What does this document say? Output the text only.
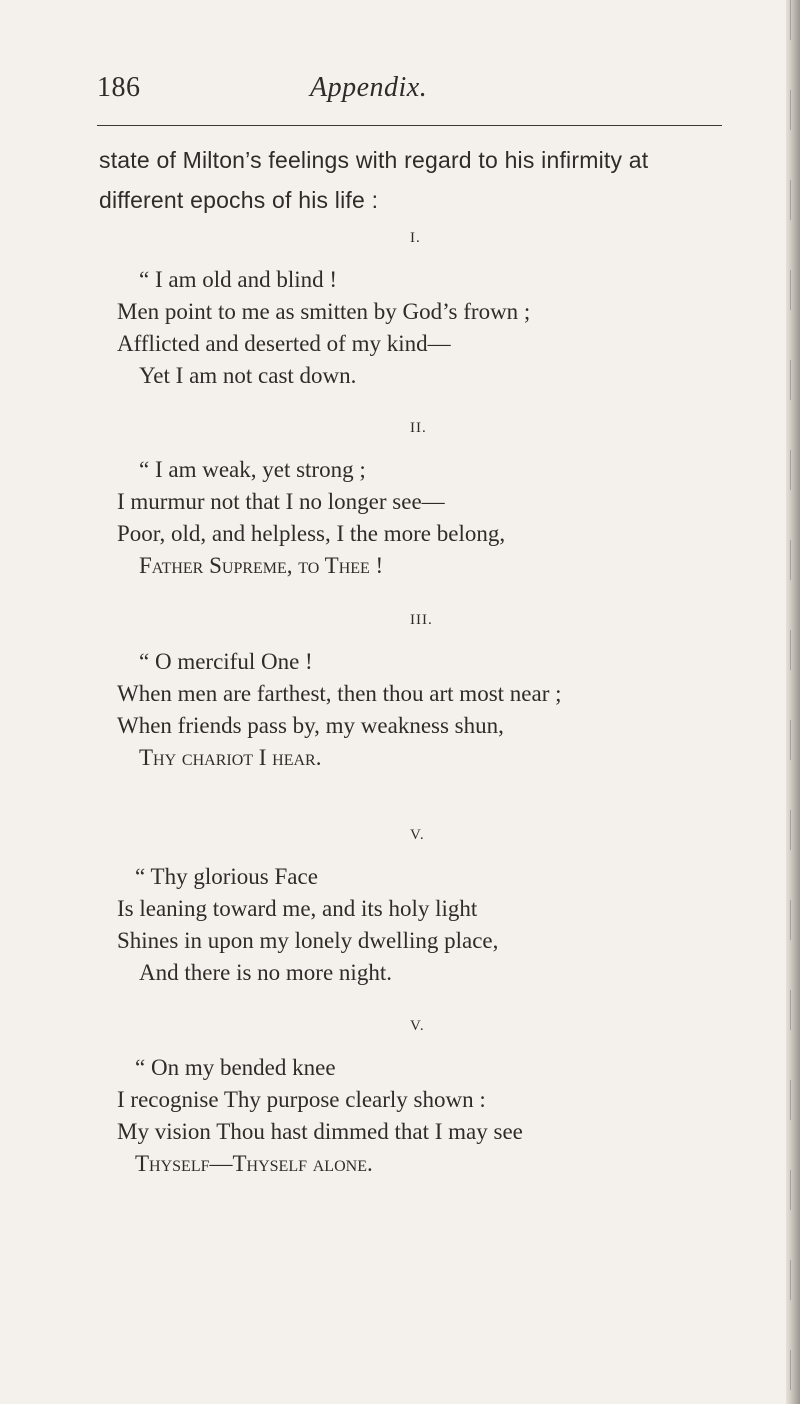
186	Appendix.
state of Milton’s feelings with regard to his infirmity at
different epochs of his life :
I.
“ I am old and blind !
Men point to me as smitten by God’s frown ;
Afflicted and deserted of my kind—
Yet I am not cast down.
II.
“ I am weak, yet strong ;
I murmur not that I no longer see—
Poor, old, and helpless, I the more belong,
Father Supreme, to Thee !
III.
“ O merciful One !
When men are farthest, then thou art most near ;
When friends pass by, my weakness shun,
Thy chariot I hear.
V.
“ Thy glorious Face
Is leaning toward me, and its holy light
Shines in upon my lonely dwelling place,
And there is no more night.
V.
“ On my bended knee
I recognise Thy purpose clearly shown :
My vision Thou hast dimmed that I may see
Thyself—Thyself alone.
